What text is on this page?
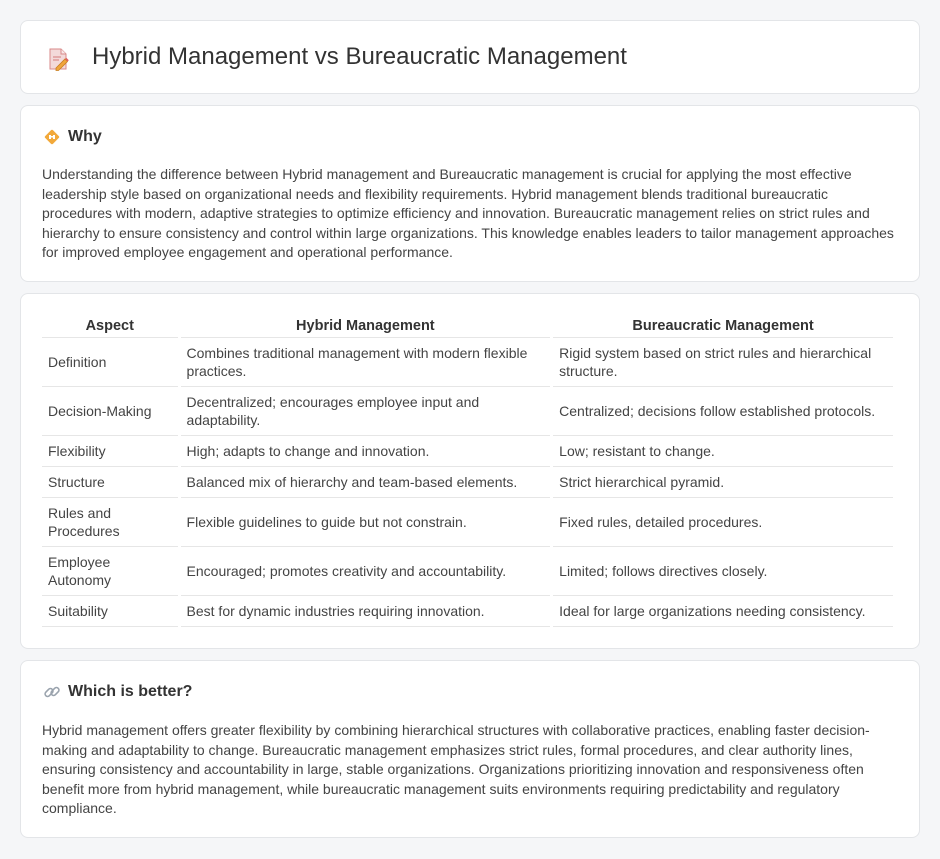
Hybrid Management vs Bureaucratic Management
Why

Understanding the difference between Hybrid management and Bureaucratic management is crucial for applying the most effective leadership style based on organizational needs and flexibility requirements. Hybrid management blends traditional bureaucratic procedures with modern, adaptive strategies to optimize efficiency and innovation. Bureaucratic management relies on strict rules and hierarchy to ensure consistency and control within large organizations. This knowledge enables leaders to tailor management approaches for improved employee engagement and operational performance.

Aspect	Hybrid Management	Bureaucratic Management
Definition	Combines traditional management with modern flexible practices.	Rigid system based on strict rules and hierarchical structure.
Decision-Making	Decentralized; encourages employee input and adaptability.	Centralized; decisions follow established protocols.
Flexibility	High; adapts to change and innovation.	Low; resistant to change.
Structure	Balanced mix of hierarchy and team-based elements.	Strict hierarchical pyramid.
Rules and Procedures	Flexible guidelines to guide but not constrain.	Fixed rules, detailed procedures.
Employee Autonomy	Encouraged; promotes creativity and accountability.	Limited; follows directives closely.
Suitability	Best for dynamic industries requiring innovation.	Ideal for large organizations needing consistency.
Which is better?

Hybrid management offers greater flexibility by combining hierarchical structures with collaborative practices, enabling faster decision-making and adaptability to change. Bureaucratic management emphasizes strict rules, formal procedures, and clear authority lines, ensuring consistency and accountability in large, stable organizations. Organizations prioritizing innovation and responsiveness often benefit more from hybrid management, while bureaucratic management suits environments requiring predictability and regulatory compliance.
